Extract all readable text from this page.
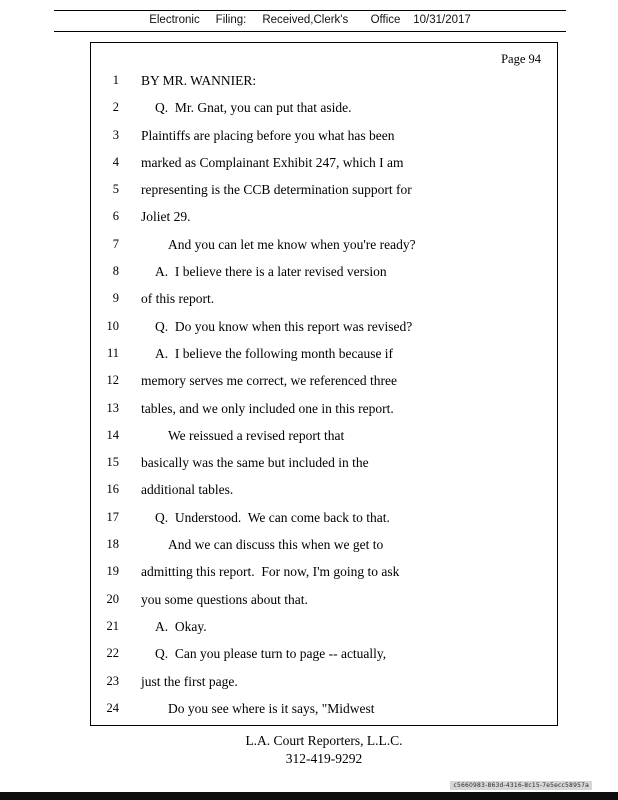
Electronic     Filing:     Received,Clerk's       Office    10/31/2017
Page 94
1 BY MR. WANNIER:
2	Q.  Mr. Gnat, you can put that aside.
3 Plaintiffs are placing before you what has been
4 marked as Complainant Exhibit 247, which I am
5 representing is the CCB determination support for
6 Joliet 29.
7	And you can let me know when you're ready?
8	A.  I believe there is a later revised version
9 of this report.
10	Q.  Do you know when this report was revised?
11	A.  I believe the following month because if
12 memory serves me correct, we referenced three
13 tables, and we only included one in this report.
14	We reissued a revised report that
15 basically was the same but included in the
16 additional tables.
17	Q.  Understood.  We can come back to that.
18	And we can discuss this when we get to
19 admitting this report.  For now, I'm going to ask
20 you some questions about that.
21	A.  Okay.
22	Q.  Can you please turn to page -- actually,
23 just the first page.
24	Do you see where is it says, "Midwest
L.A. Court Reporters, L.L.C.
312-419-9292
c5660983-863d-4316-8c15-7e5ecc58957a
